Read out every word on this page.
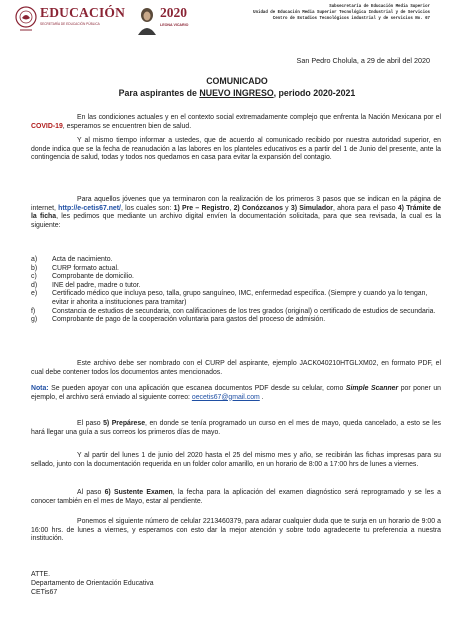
EDUCACIÓN
SECRETARÍA DE EDUCACIÓN PÚBLICA
2020
LEONA VICARIO
Subsecretaría de Educación Media Superior
Unidad de Educación Media Superior Tecnológica Industrial y de Servicios
Centro de Estudios Tecnológicos industrial y de servicios No. 67
San Pedro Cholula, a 29 de abril del 2020
COMUNICADO
Para aspirantes de NUEVO INGRESO, periodo 2020-2021

En las condiciones actuales y en el contexto social extremadamente complejo que enfrenta la Nación Mexicana por el COVID-19, esperamos se encuentren bien de salud.

Y al mismo tiempo informar a ustedes, que de acuerdo al comunicado recibido por nuestra autoridad superior, en donde indica que se la fecha de reanudación a las labores en los planteles educativos es a partir del 1 de Junio del presente, ante la contingencia de salud, todas y todos nos quedamos en casa para evitar la expansión del contagio.

Para aquellos jóvenes que ya terminaron con la realización de los primeros 3 pasos que se indican en la página de internet, http://e-cetis67.net/, los cuales son: 1) Pre – Registro, 2) Conózcanos y 3) Simulador, ahora para el paso 4) Trámite de la ficha, les pedimos que mediante un archivo digital envíen la documentación solicitada, para que sea revisada, la cual es la siguiente:

a)	Acta de nacimiento.
b)	CURP formato actual.
c)	Comprobante de domicilio.
d)	INE del padre, madre o tutor.
e)	Certificado médico que incluya peso, talla, grupo sanguíneo, IMC, enfermedad especifica. (Siempre y cuando ya lo tengan, evitar ir ahorita a instituciones para tramitar)
f)	Constancia de estudios de secundaria, con calificaciones de los tres grados (original) o certificado de estudios de secundaria.
g)	Comprobante de pago de la cooperación voluntaria para gastos del proceso de admisión.

Este archivo debe ser nombrado con el CURP del aspirante, ejemplo JACK040210HTGLXM02, en formato PDF, el cual debe contener todos los documentos antes mencionados.

Nota: Se pueden apoyar con una aplicación que escanea documentos PDF desde su celular, como Simple Scanner por poner un ejemplo, el archivo será enviado al siguiente correo: oecetis67@gmail.com .

El paso 5) Prepárese, en donde se tenía programado un curso en el mes de mayo, queda cancelado, a esto se les hará llegar una guía a sus correos los primeros días de mayo.

Y al partir del lunes 1 de junio del 2020 hasta el 25 del mismo mes y año, se recibirán las fichas impresas para su sellado, junto con la documentación requerida en un folder color amarillo, en un horario de 8:00 a 17:00 hrs de lunes a viernes.

Al paso 6) Sustente Examen, la fecha para la aplicación del examen diagnóstico será reprogramado y se les a conocer también en el mes de Mayo, estar al pendiente.

Ponemos el siguiente número de celular 2213460379, para adarar cualquier duda que te surja en un horario de 9:00 a 16:00 hrs. de lunes a viernes, y esperamos con esto dar la mejor atención y sobre todo agradecerte tu preferencia a nuestra institución.

ATTE.
Departamento de Orientación Educativa
CETis67
